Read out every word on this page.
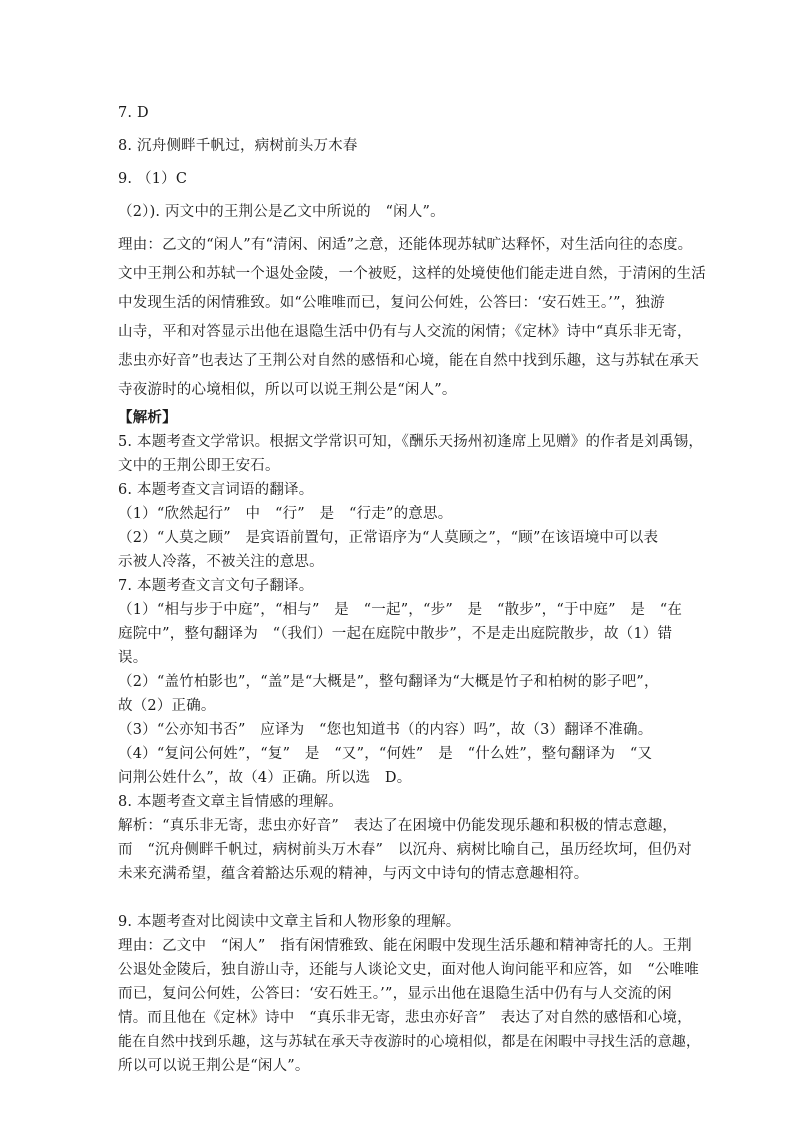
7. D
8. 沉舟侧畔千帆过，病树前头万木春
9. （1）C
（2）). 丙文中的王荆公是乙文中所说的　“闲人”。
理由：乙文的“闲人”有“清闲、闲适”之意，还能体现苏轼旷达释怀，对生活向往的态度。
文中王荆公和苏轼一个退处金陵，一个被贬，这样的处境使他们能走进自然，于清闲的生活
中发现生活的闲情雅致。如“公唯唯而已，复问公何姓，公答曰：‘安石姓王。’”，独游
山寺，平和对答显示出他在退隐生活中仍有与人交流的闲情；《定林》诗中“真乐非无寄，
悲虫亦好音”也表达了王荆公对自然的感悟和心境，能在自然中找到乐趣，这与苏轼在承天
寺夜游时的心境相似，所以可以说王荆公是“闲人”。
【解析】
5. 本题考查文学常识。根据文学常识可知，《酬乐天扬州初逢席上见赠》的作者是刘禹锡，
文中的王荆公即王安石。
6. 本题考查文言词语的翻译。
（1）“欣然起行”　中　“行”　是　“行走”的意思。
（2）“人莫之顾”　是宾语前置句，正常语序为“人莫顾之”，“顾”在该语境中可以表
示被人冷落，不被关注的意思。
7. 本题考查文言文句子翻译。
（1）“相与步于中庭”，“相与”　是　“一起”，“步”　是　“散步”，“于中庭”　是　“在
庭院中”，整句翻译为　“（我们）一起在庭院中散步”，不是走出庭院散步，故（1）错
误。
（2）“盖竹柏影也”，“盖”是“大概是”，整句翻译为“大概是竹子和柏树的影子吧”，
故（2）正确。
（3）“公亦知书否”　应译为　“您也知道书（的内容）吗”，故（3）翻译不准确。
（4）“复问公何姓”，“复”　是　“又”，“何姓”　是　“什么姓”，整句翻译为　“又
问荆公姓什么”，故（4）正确。所以选　D。
8. 本题考查文章主旨情感的理解。
解析：“真乐非无寄，悲虫亦好音”　表达了在困境中仍能发现乐趣和积极的情志意趣，
而　“沉舟侧畔千帆过，病树前头万木春”　以沉舟、病树比喻自己，虽历经坎坷，但仍对
未来充满希望，蕴含着豁达乐观的精神，与丙文中诗句的情志意趣相符。
9. 本题考查对比阅读中文章主旨和人物形象的理解。
理由：乙文中　“闲人”　指有闲情雅致、能在闲暇中发现生活乐趣和精神寄托的人。王荆
公退处金陵后，独自游山寺，还能与人谈论文史，面对他人询问能平和应答，如　“公唯唯
而已，复问公何姓，公答曰：‘安石姓王。’”，显示出他在退隐生活中仍有与人交流的闲
情。而且他在《定林》诗中　“真乐非无寄，悲虫亦好音”　表达了对自然的感悟和心境，
能在自然中找到乐趣，这与苏轼在承天寺夜游时的心境相似，都是在闲暇中寻找生活的意趣，
所以可以说王荆公是“闲人”。
